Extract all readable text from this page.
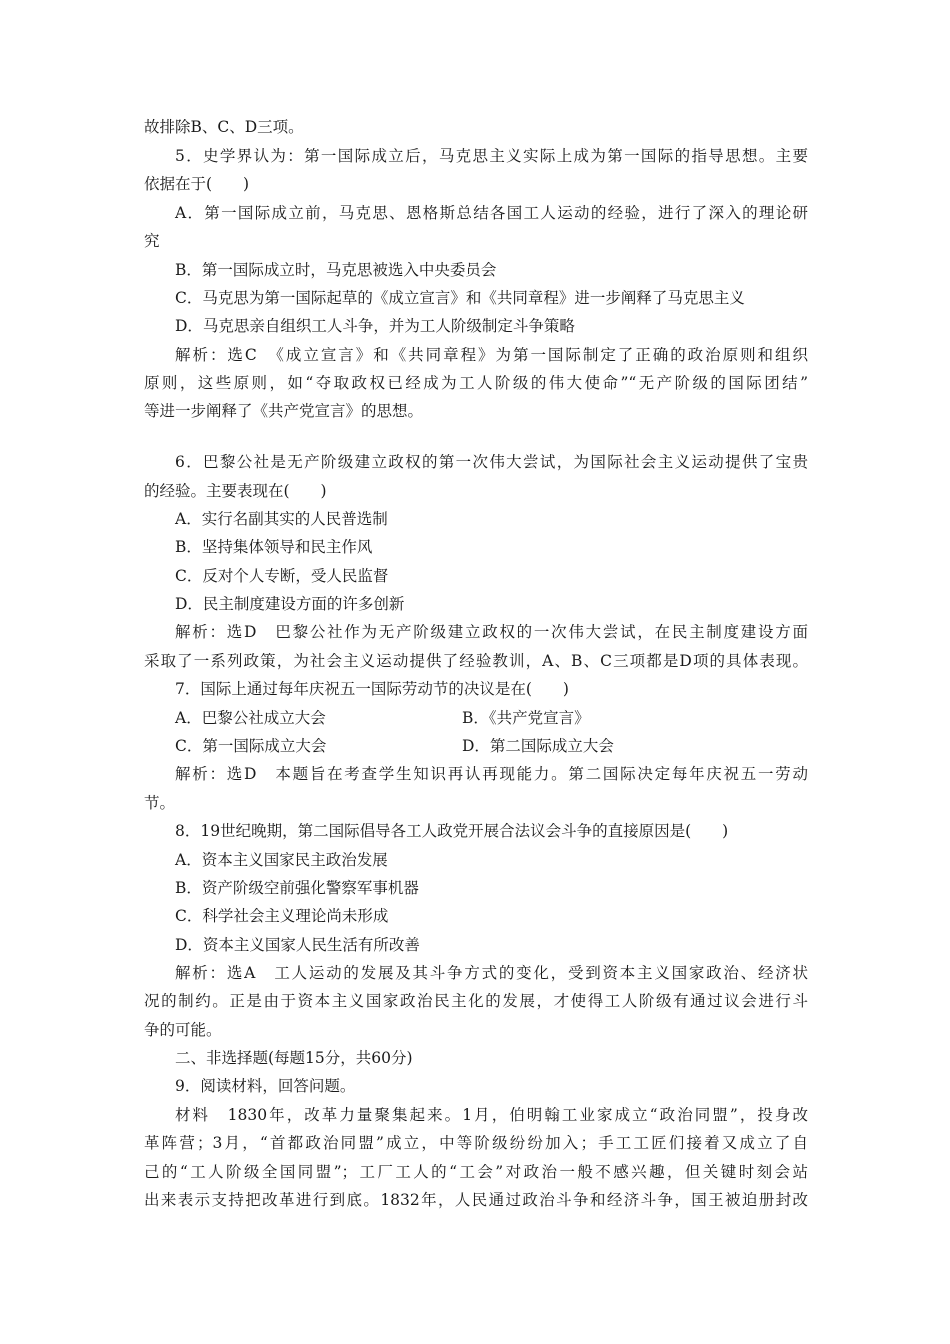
故排除B、C、D三项。
5．史学界认为：第一国际成立后，马克思主义实际上成为第一国际的指导思想。主要
依据在于(　　)
A．第一国际成立前，马克思、恩格斯总结各国工人运动的经验，进行了深入的理论研
究
B．第一国际成立时，马克思被选入中央委员会
C．马克思为第一国际起草的《成立宣言》和《共同章程》进一步阐释了马克思主义
D．马克思亲自组织工人斗争，并为工人阶级制定斗争策略
解析：选C　《成立宣言》和《共同章程》为第一国际制定了正确的政治原则和组织
原则，这些原则，如“夺取政权已经成为工人阶级的伟大使命”“无产阶级的国际团结”
等进一步阐释了《共产党宣言》的思想。
6．巴黎公社是无产阶级建立政权的第一次伟大尝试，为国际社会主义运动提供了宝贵
的经验。主要表现在(　　)
A．实行名副其实的人民普选制
B．坚持集体领导和民主作风
C．反对个人专断，受人民监督
D．民主制度建设方面的许多创新
解析：选D　巴黎公社作为无产阶级建立政权的一次伟大尝试，在民主制度建设方面
采取了一系列政策，为社会主义运动提供了经验教训，A、B、C三项都是D项的具体表现。
7．国际上通过每年庆祝五一国际劳动节的决议是在(　　)
A．巴黎公社成立大会	B．《共产党宣言》
C．第一国际成立大会	D．第二国际成立大会
解析：选D　本题旨在考查学生知识再认再现能力。第二国际决定每年庆祝五一劳动
节。
8．19世纪晚期，第二国际倡导各工人政党开展合法议会斗争的直接原因是(　　)
A．资本主义国家民主政治发展
B．资产阶级空前强化警察军事机器
C．科学社会主义理论尚未形成
D．资本主义国家人民生活有所改善
解析：选A　工人运动的发展及其斗争方式的变化，受到资本主义国家政治、经济状
况的制约。正是由于资本主义国家政治民主化的发展，才使得工人阶级有通过议会进行斗
争的可能。
二、非选择题(每题15分，共60分)
9．阅读材料，回答问题。
材料　1830年，改革力量聚集起来。1月，伯明翰工业家成立“政治同盟”，投身改
革阵营；3月，“首都政治同盟”成立，中等阶级纷纷加入；手工工匠们接着又成立了自
己的“工人阶级全国同盟”；工厂工人的“工会”对政治一般不感兴趣，但关键时刻会站
出来表示支持把改革进行到底。1832年，人民通过政治斗争和经济斗争，国王被迫册封改
